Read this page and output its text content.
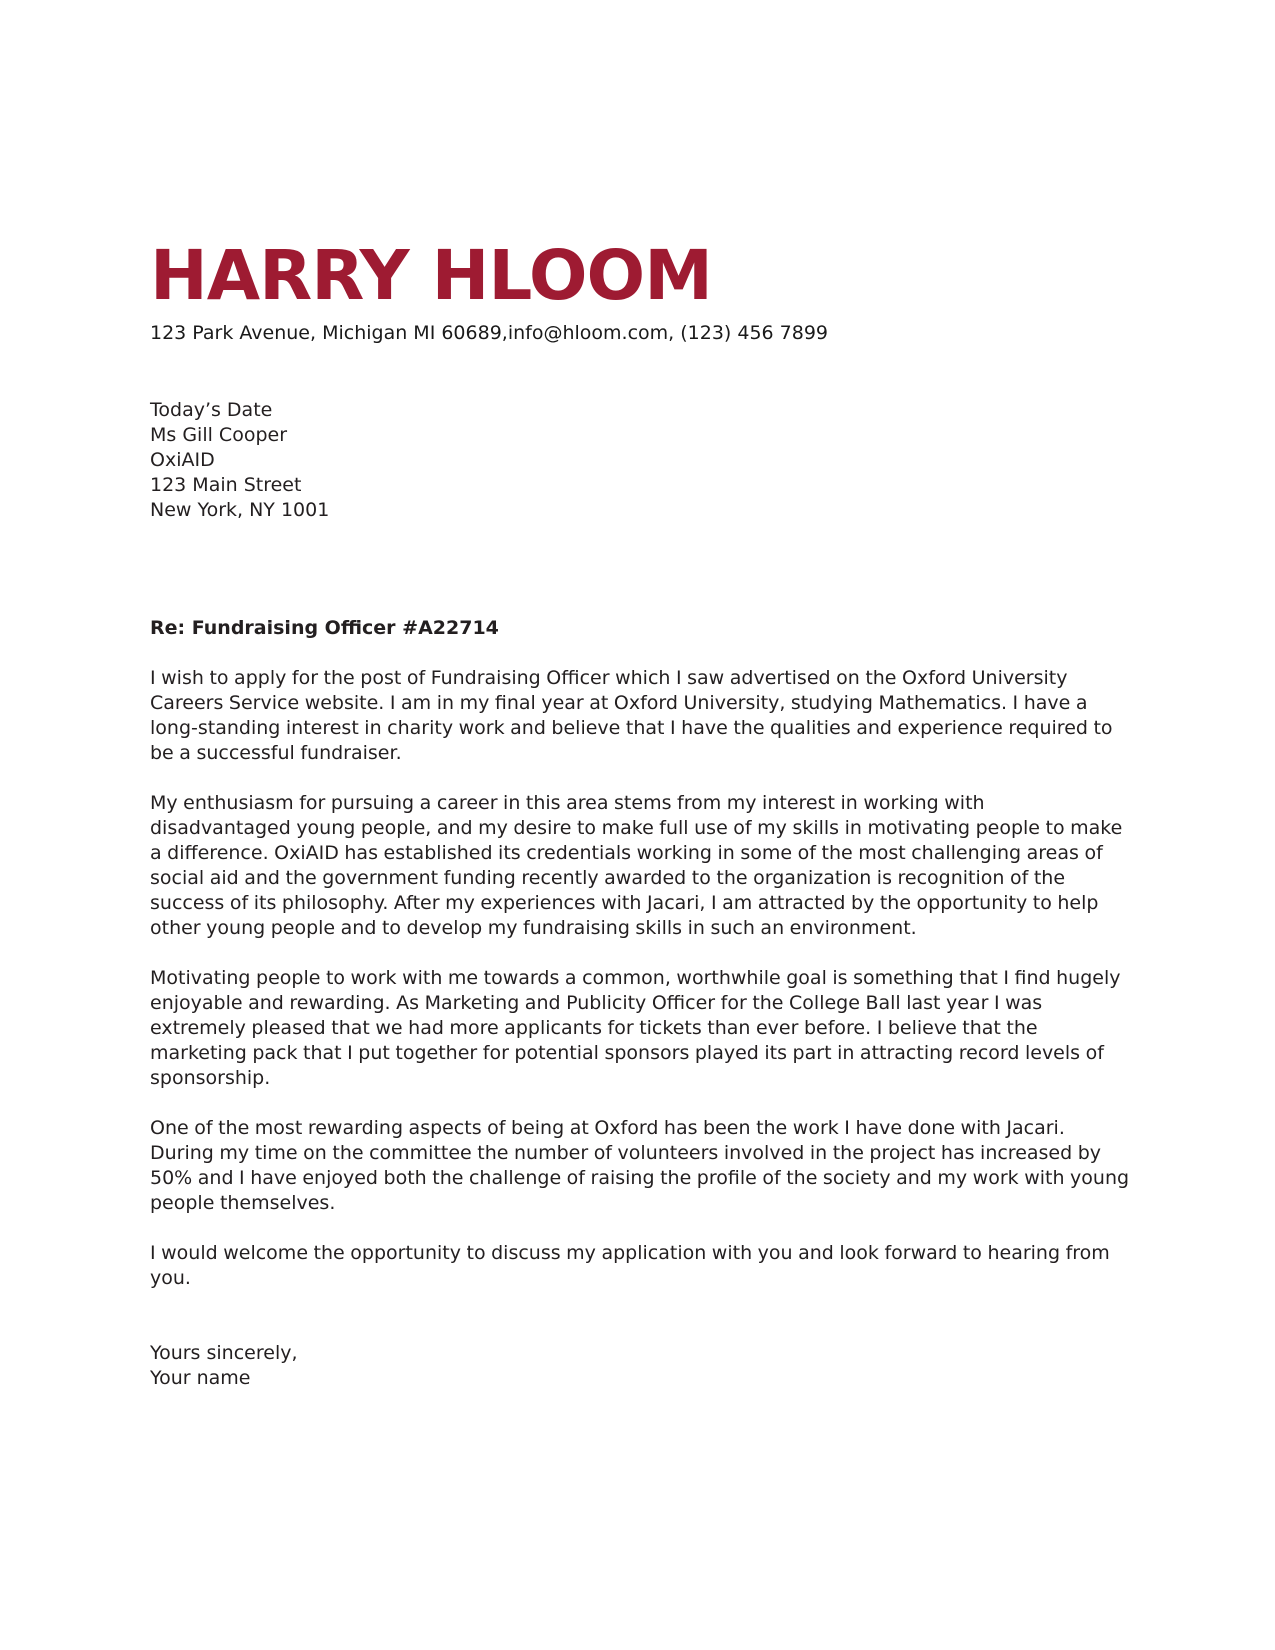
HARRY HLOOM
123 Park Avenue, Michigan MI 60689,info@hloom.com, (123) 456 7899
Today’s Date
Ms Gill Cooper
OxiAID
123 Main Street
New York, NY 1001
Re: Fundraising Officer #A22714

I wish to apply for the post of Fundraising Officer which I saw advertised on the Oxford University Careers Service website. I am in my final year at Oxford University, studying Mathematics. I have a long-standing interest in charity work and believe that I have the qualities and experience required to be a successful fundraiser.

My enthusiasm for pursuing a career in this area stems from my interest in working with disadvantaged young people, and my desire to make full use of my skills in motivating people to make a difference. OxiAID has established its credentials working in some of the most challenging areas of social aid and the government funding recently awarded to the organization is recognition of the success of its philosophy. After my experiences with Jacari, I am attracted by the opportunity to help other young people and to develop my fundraising skills in such an environment.

Motivating people to work with me towards a common, worthwhile goal is something that I find hugely enjoyable and rewarding. As Marketing and Publicity Officer for the College Ball last year I was extremely pleased that we had more applicants for tickets than ever before. I believe that the marketing pack that I put together for potential sponsors played its part in attracting record levels of sponsorship.

One of the most rewarding aspects of being at Oxford has been the work I have done with Jacari. During my time on the committee the number of volunteers involved in the project has increased by 50% and I have enjoyed both the challenge of raising the profile of the society and my work with young people themselves.

I would welcome the opportunity to discuss my application with you and look forward to hearing from you.

Yours sincerely,
Your name
